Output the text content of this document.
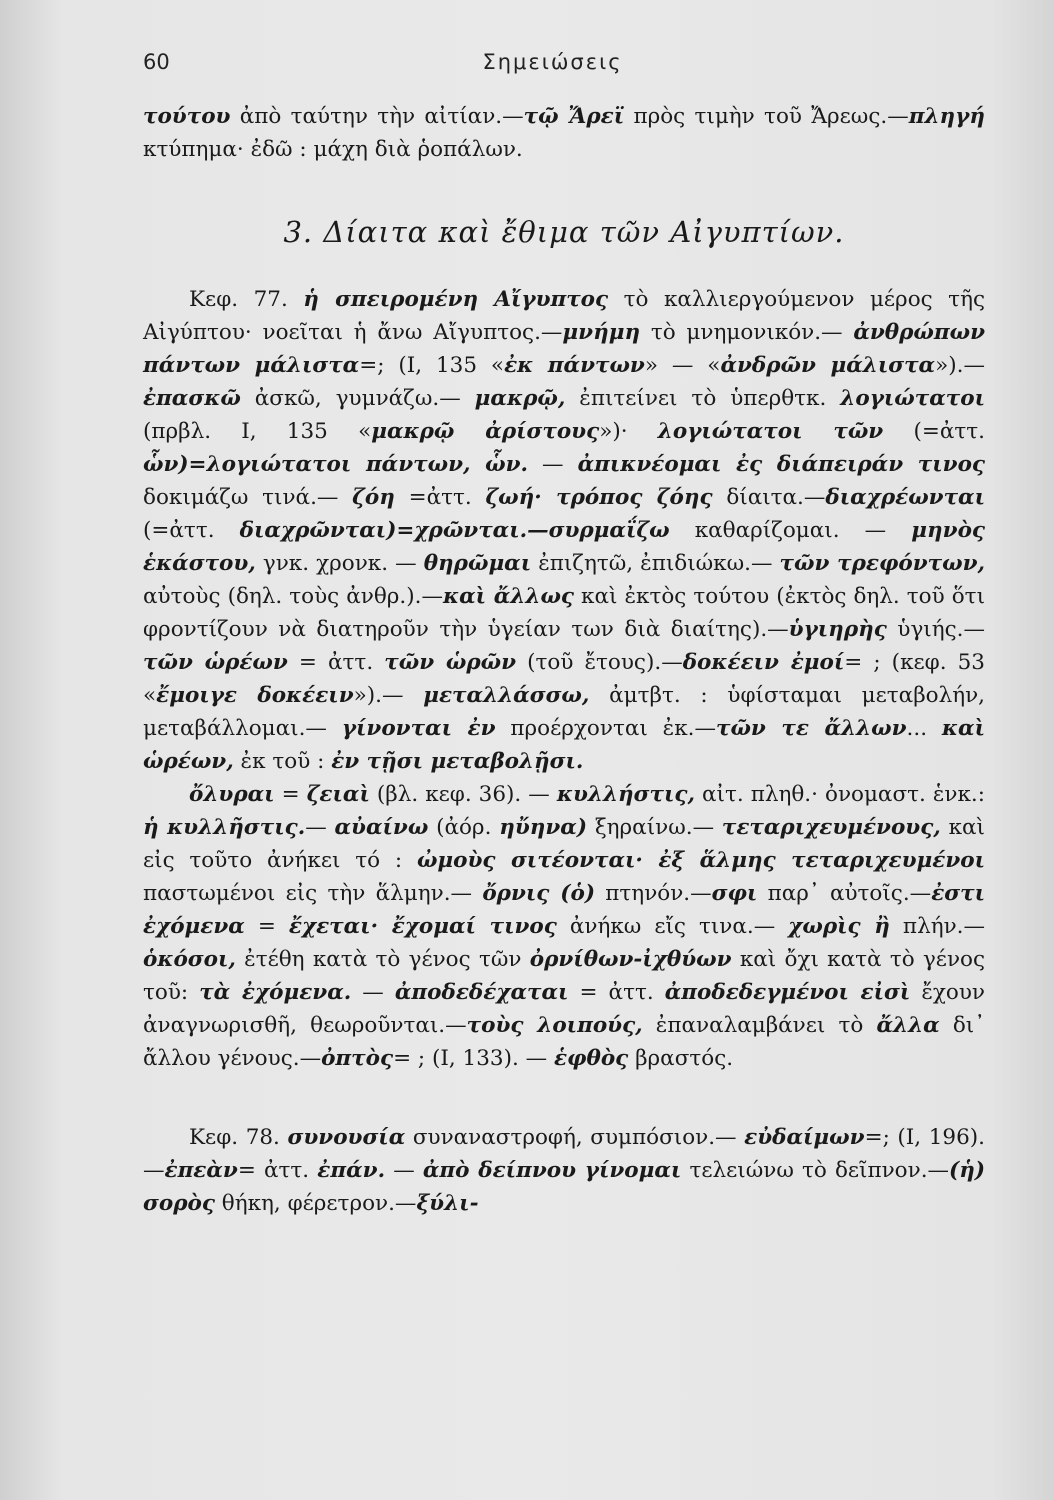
60	Σημειώσεις

τούτου ἀπὸ ταύτην τὴν αἰτίαν.—τῷ Ἄρεϊ πρὸς τιμὴν τοῦ Ἄρεως.—πληγή κτύπημα· ἐδῶ : μάχη διὰ ῥοπάλων.

3. Δίαιτα καὶ ἔθιμα τῶν Αἰγυπτίων.

Κεφ. 77. ἡ σπειρομένη Αἴγυπτος τὸ καλλιεργούμενον μέρος τῆς Αἰγύπτου· νοεῖται ἡ ἄνω Αἴγυπτος.—μνήμη τὸ μνημονικόν.— ἀνθρώπων πάντων μάλιστα=; (I, 135 «ἐκ πάντων» — «ἀνδρῶν μάλιστα»).— ἐπασκῶ ἀσκῶ, γυμνάζω.— μακρῷ, ἐπιτείνει τὸ ὑπερθτκ. λογιώτατοι (πρβλ. I, 135 «μακρῷ ἀρίστους»)· λογιώτατοι τῶν (=ἀττ. ὧν)=λογιώτατοι πάντων, ὧν. — ἀπικνέομαι ἐς διάπειράν τινος δοκιμάζω τινά.— ζόη =ἀττ. ζωή· τρόπος ζόης δίαιτα.—διαχρέωνται (=ἀττ. διαχρῶνται)=χρῶνται.—συρμαΐζω καθαρίζομαι. — μηνὸς ἑκάστου, γνκ. χρονκ. — θηρῶμαι ἐπιζητῶ, ἐπιδιώκω.— τῶν τρεφόντων, αὐτοὺς (δηλ. τοὺς ἀνθρ.).—καὶ ἄλλως καὶ ἐκτὸς τούτου (ἐκτὸς δηλ. τοῦ ὅτι φροντίζουν νὰ διατηροῦν τὴν ὑγείαν των διὰ διαίτης).—ὑγιηρὴς ὑγιής.—τῶν ὡρέων = ἀττ. τῶν ὡρῶν (τοῦ ἔτους).—δοκέειν ἐμοί= ; (κεφ. 53 «ἔμοιγε δοκέειν»).— μεταλλάσσω, ἀμτβτ. : ὑφίσταμαι μεταβολήν, μεταβάλλομαι.— γίνονται ἐν προέρχονται ἐκ.—τῶν τε ἄλλων... καὶ ὡρέων, ἐκ τοῦ : ἐν τῇσι μεταβολῇσι.

ὄλυραι = ζειαὶ (βλ. κεφ. 36). — κυλλήστις, αἰτ. πληθ.· ὀνομαστ. ἑνκ.: ἡ κυλλῆστις.— αὐαίνω (ἀόρ. ηὔηνα) ξηραίνω.— τεταριχευμένους, καὶ εἰς τοῦτο ἀνήκει τό : ὠμοὺς σιτέονται· ἐξ ἅλμης τεταριχευμένοι παστωμένοι εἰς τὴν ἅλμην.— ὄρνις (ὁ) πτηνόν.—σφι παρ᾿ αὐτοῖς.—ἐστι ἐχόμενα = ἔχεται· ἔχομαί τινος ἀνήκω εἴς τινα.— χωρὶς ἢ πλήν.— ὁκόσοι, ἐτέθη κατὰ τὸ γένος τῶν ὀρνίθων-ἰχθύων καὶ ὄχι κατὰ τὸ γένος τοῦ: τὰ ἐχόμενα. — ἀποδεδέχαται = ἀττ. ἀποδεδεγμένοι εἰσὶ ἔχουν ἀναγνωρισθῆ, θεωροῦνται.—τοὺς λοιπούς, ἐπαναλαμβάνει τὸ ἄλλα δι᾿ ἄλλου γένους.—ὀπτὸς= ; (I, 133). — ἑφθὸς βραστός.

Κεφ. 78. συνουσία συναναστροφή, συμπόσιον.— εὐδαίμων=; (I, 196).—ἐπεὰν= ἀττ. ἐπάν. — ἀπὸ δείπνου γίνομαι τελειώνω τὸ δεῖπνον.—(ἡ) σορὸς θήκη, φέρετρον.—ξύλι-
